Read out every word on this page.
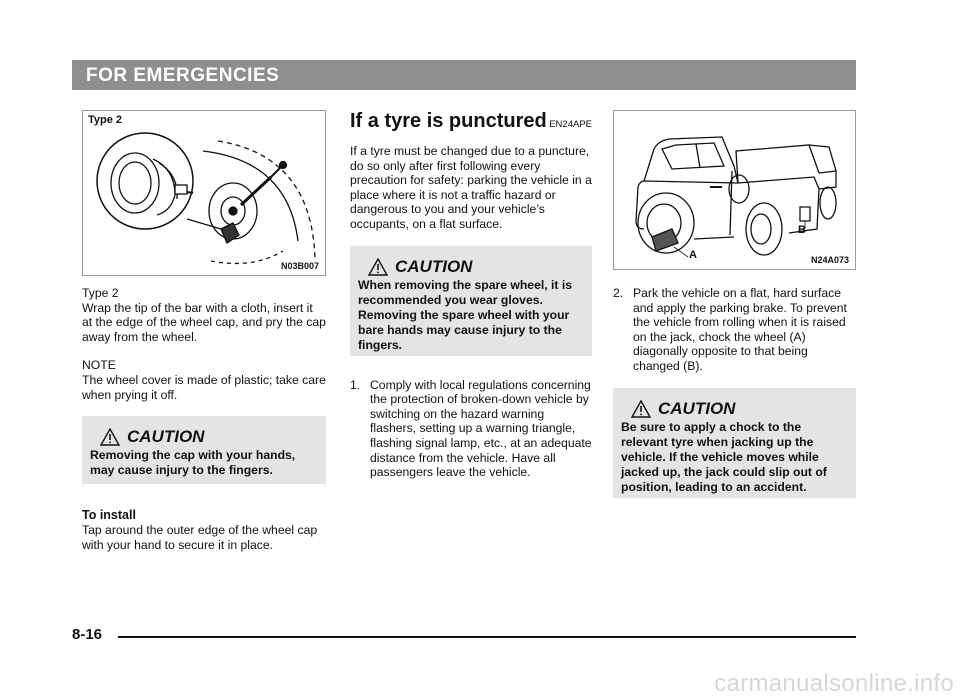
FOR EMERGENCIES
Type 2
N03B007

Type 2

Wrap the tip of the bar with a cloth, insert it at the edge of the wheel cap, and pry the cap away from the wheel.

NOTE

The wheel cover is made of plastic; take care when prying it off.

CAUTION
Removing the cap with your hands, may cause injury to the fingers.

To install

Tap around the outer edge of the wheel cap with your hand to secure it in place.

If a tyre is punctured EN24APE

If a tyre must be changed due to a puncture, do so only after first following every precaution for safety: parking the vehicle in a place where it is not a traffic hazard or dangerous to you and your vehicle’s occupants, on a flat surface.

CAUTION
When removing the spare wheel, it is recommended you wear gloves. Removing the spare wheel with your bare hands may cause injury to the fingers.
1. Comply with local regulations concerning the protection of broken-down vehicle by switching on the hazard warning flashers, setting up a warning triangle, flashing signal lamp, etc., at an adequate distance from the vehicle. Have all passengers leave the vehicle.

A
B
N24A073
2. Park the vehicle on a flat, hard surface and apply the parking brake. To prevent the vehicle from rolling when it is raised on the jack, chock the wheel (A) diagonally opposite to that being changed (B).

CAUTION
Be sure to apply a chock to the relevant tyre when jacking up the vehicle. If the vehicle moves while jacked up, the jack could slip out of position, leading to an accident.
8-16
carmanualsonline.info
